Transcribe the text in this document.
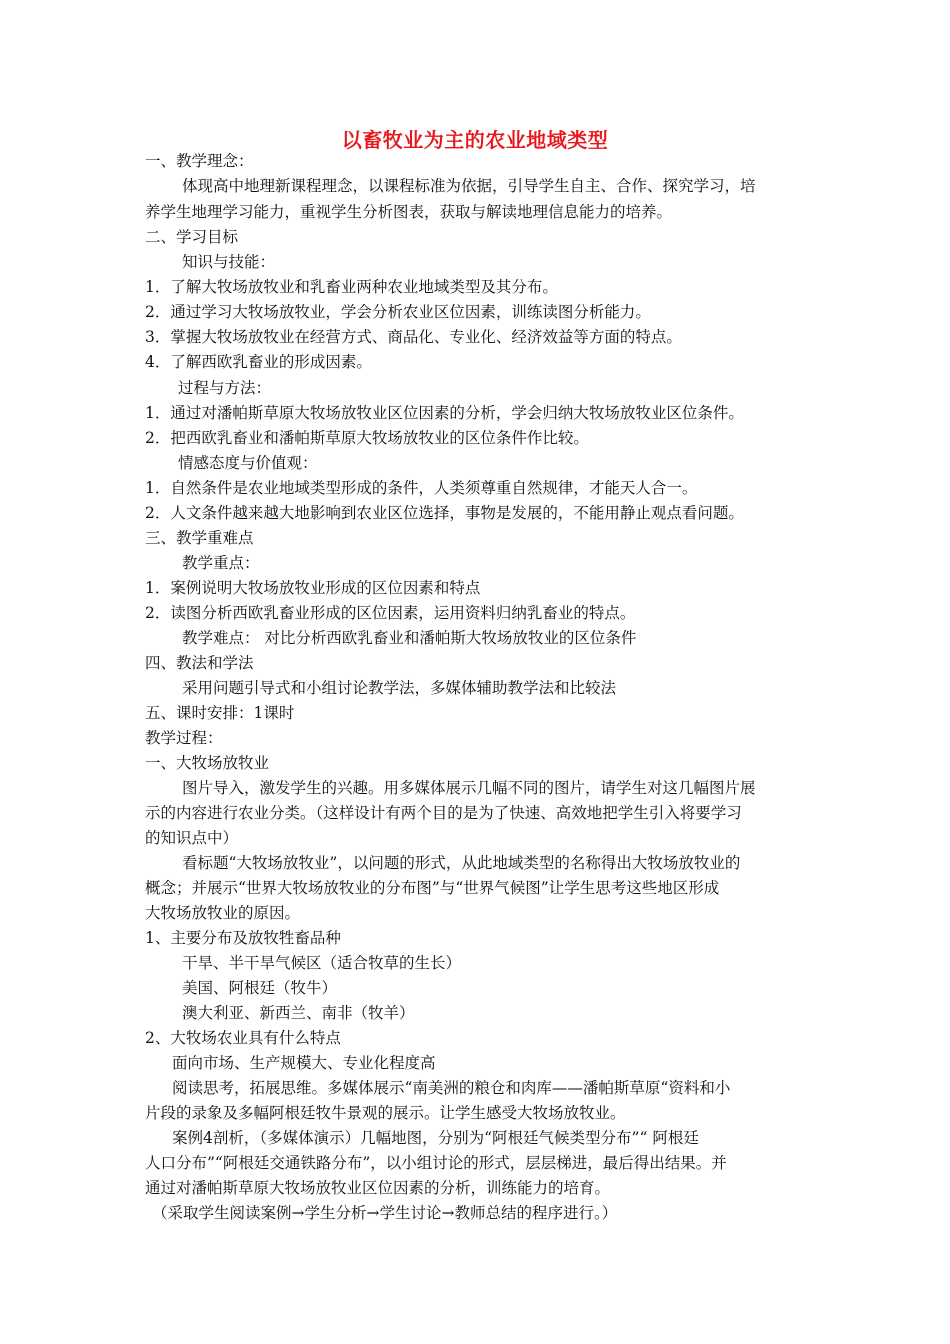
以畜牧业为主的农业地域类型
一、教学理念：
体现高中地理新课程理念，以课程标准为依据，引导学生自主、合作、探究学习，培
养学生地理学习能力，重视学生分析图表，获取与解读地理信息能力的培养。
二、学习目标
知识与技能：
1．了解大牧场放牧业和乳畜业两种农业地域类型及其分布。
2．通过学习大牧场放牧业，学会分析农业区位因素，训练读图分析能力。
3．掌握大牧场放牧业在经营方式、商品化、专业化、经济效益等方面的特点。
4．了解西欧乳畜业的形成因素。
过程与方法：
1．通过对潘帕斯草原大牧场放牧业区位因素的分析，学会归纳大牧场放牧业区位条件。
2．把西欧乳畜业和潘帕斯草原大牧场放牧业的区位条件作比较。
情感态度与价值观：
1．自然条件是农业地域类型形成的条件，人类须尊重自然规律，才能天人合一。
2．人文条件越来越大地影响到农业区位选择，事物是发展的，不能用静止观点看问题。
三、教学重难点
教学重点：
1．案例说明大牧场放牧业形成的区位因素和特点
2．读图分析西欧乳畜业形成的区位因素，运用资料归纳乳畜业的特点。
教学难点： 对比分析西欧乳畜业和潘帕斯大牧场放牧业的区位条件
四、教法和学法
采用问题引导式和小组讨论教学法，多媒体辅助教学法和比较法
五、课时安排：1课时
教学过程：
一、大牧场放牧业
图片导入，激发学生的兴趣。用多媒体展示几幅不同的图片，请学生对这几幅图片展
示的内容进行农业分类。（这样设计有两个目的是为了快速、高效地把学生引入将要学习
的知识点中）
看标题“大牧场放牧业”，以问题的形式，从此地域类型的名称得出大牧场放牧业的
概念；并展示“世界大牧场放牧业的分布图”与“世界气候图”让学生思考这些地区形成
大牧场放牧业的原因。
1、主要分布及放牧牲畜品种
干旱、半干旱气候区（适合牧草的生长）
美国、阿根廷（牧牛）
澳大利亚、新西兰、南非（牧羊）
2、大牧场农业具有什么特点
面向市场、生产规模大、专业化程度高
阅读思考，拓展思维。多媒体展示“南美洲的粮仓和肉库——潘帕斯草原“资料和小
片段的录象及多幅阿根廷牧牛景观的展示。让学生感受大牧场放牧业。
案例4剖析，（多媒体演示）几幅地图，分别为“阿根廷气候类型分布”“ 阿根廷
人口分布”“阿根廷交通铁路分布”，以小组讨论的形式，层层梯进，最后得出结果。并
通过对潘帕斯草原大牧场放牧业区位因素的分析，训练能力的培育。
（采取学生阅读案例→学生分析→学生讨论→教师总结的程序进行。）
